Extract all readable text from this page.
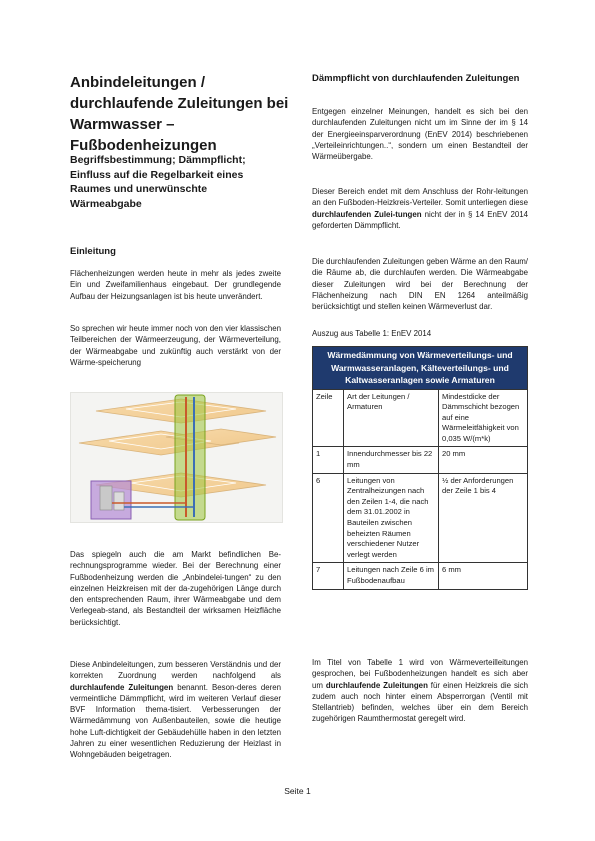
Anbindeleitungen / durchlaufende Zuleitungen bei Warmwasser – Fußbodenheizungen
Begriffsbestimmung; Dämmpflicht; Einfluss auf die Regelbarkeit eines Raumes und unerwünschte Wärmeabgabe
Einleitung

Flächenheizungen werden heute in mehr als jedes zweite Ein und Zweifamilienhaus eingebaut. Der grundlegende Aufbau der Heizungsanlagen ist bis heute unverändert.

So sprechen wir heute immer noch von den vier klassischen Teilbereichen der Wärmeerzeugung, der Wärmeverteilung, der Wärmeabgabe und zukünftig auch verstärkt von der Wärme-speicherung

Das spiegeln auch die am Markt befindlichen Be-rechnungsprogramme wieder. Bei der Berechnung einer Fußbodenheizung werden die „Anbindelei-tungen“ zu den einzelnen Heizkreisen mit der da-zugehörigen Länge durch den entsprechenden Raum, ihrer Wärmeabgabe und dem Verlegeab-stand, als Bestandteil der wirksamen Heizfläche berücksichtigt.

Diese Anbindeleitungen, zum besseren Verständnis und der korrekten Zuordnung werden nachfolgend als durchlaufende Zuleitungen benannt. Beson-deres deren vermeintliche Dämmpflicht, wird im weiteren Verlauf dieser BVF Information thema-tisiert. Verbesserungen der Wärmedämmung von Außenbauteilen, sowie die heutige hohe Luft-dichtigkeit der Gebäudehülle haben in den letzten Jahren zu einer wesentlichen Reduzierung der Heizlast in Wohngebäuden beigetragen.

Dämmpflicht von durchlaufenden Zuleitungen

Entgegen einzelner Meinungen, handelt es sich bei den durchlaufenden Zuleitungen nicht um im Sinne der im § 14 der Energieeinsparverordnung (EnEV 2014) beschriebenen „Verteileinrichtungen..“, sondern um einen Bestandteil der Wärmeübergabe.

Dieser Bereich endet mit dem Anschluss der Rohr-leitungen an den Fußboden-Heizkreis-Verteiler. Somit unterliegen diese durchlaufenden Zulei-tungen nicht der in § 14 EnEV 2014 geforderten Dämmpflicht.

Die durchlaufenden Zuleitungen geben Wärme an den Raum/ die Räume ab, die durchlaufen werden. Die Wärmeabgabe dieser Zuleitungen wird bei der Berechnung der Flächenheizung nach DIN EN 1264 anteilmäßig berücksichtigt und stellen keinen Wärmeverlust dar.

Auszug aus Tabelle 1: EnEV 2014

Wärmedämmung von Wärmeverteilungs- und Warmwasseranlagen, Kälteverteilungs- und Kaltwasseranlagen sowie Armaturen		
Zeile	Art der Leitungen / Armaturen	Mindestdicke der Dämmschicht bezogen auf eine Wärmeleitfähigkeit von 0,035 W/(m*k)
1	Innendurchmesser bis 22 mm	20 mm
6	Leitungen von Zentralheizungen nach den Zeilen 1-4, die nach dem 31.01.2002 in Bauteilen zwischen beheizten Räumen verschiedener Nutzer verlegt werden	½ der Anforderungen der Zeile 1 bis 4
7	Leitungen nach Zeile 6 im Fußbodenaufbau	6 mm

Im Titel von Tabelle 1 wird von Wärmeverteilleitungen gesprochen, bei Fußbodenheizungen handelt es sich aber um durchlaufende Zuleitungen für einen Heizkreis die sich zudem auch noch hinter einem Absperrorgan (Ventil mit Stellantrieb) befinden, welches über ein dem Bereich zugehörigen Raumthermostat geregelt wird.

Seite 1
